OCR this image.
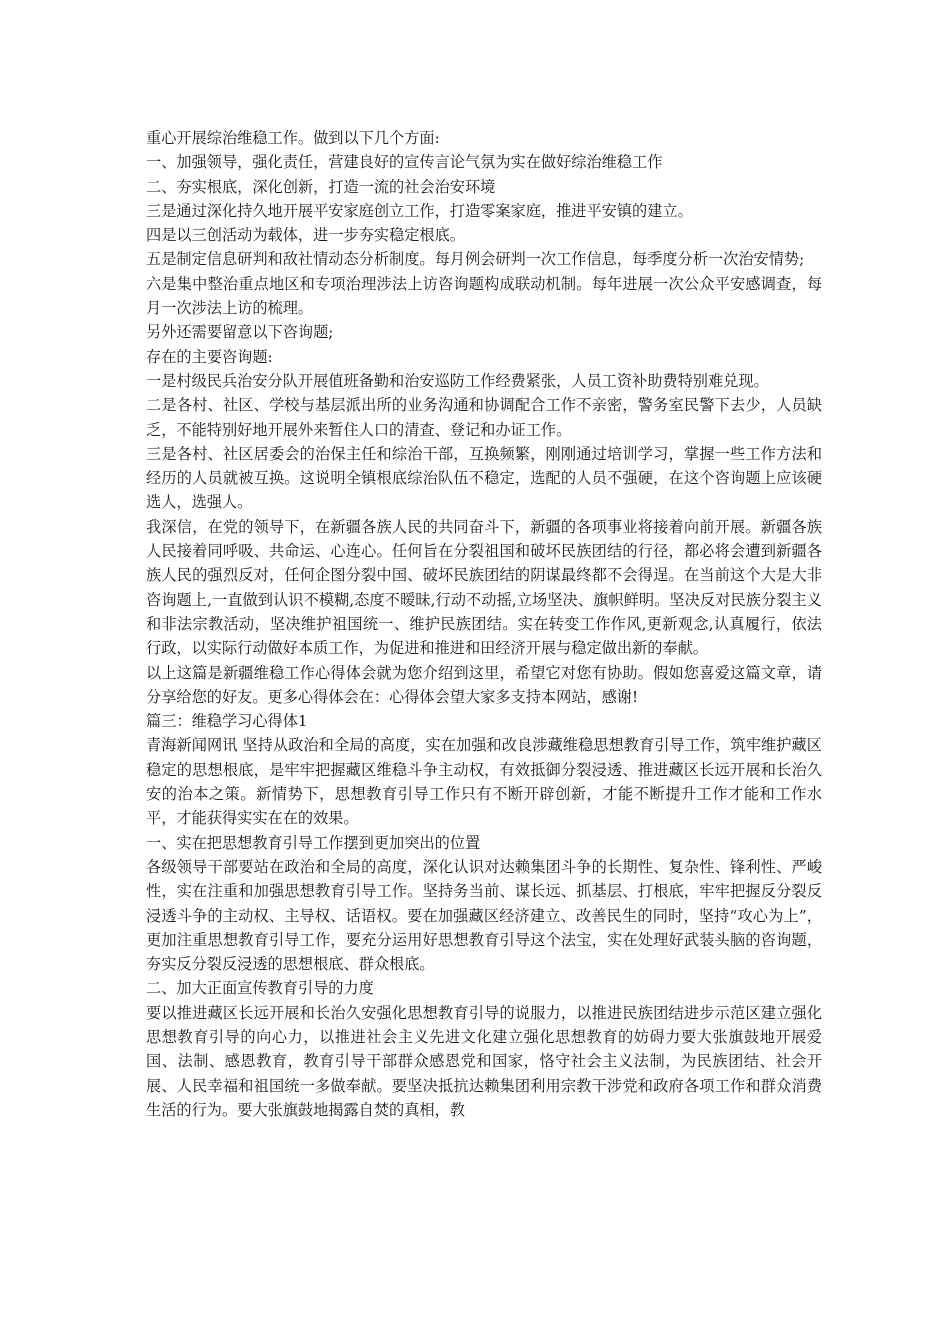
重心开展综治维稳工作。做到以下几个方面:

一、加强领导，强化责任，营建良好的宣传言论气氛为实在做好综治维稳工作

二、夯实根底，深化创新，打造一流的社会治安环境

三是通过深化持久地开展平安家庭创立工作，打造零案家庭，推进平安镇的建立。

四是以三创活动为载体，进一步夯实稳定根底。

五是制定信息研判和敌社情动态分析制度。每月例会研判一次工作信息，每季度分析一次治安情势;

六是集中整治重点地区和专项治理涉法上访咨询题构成联动机制。每年进展一次公众平安感调查，每月一次涉法上访的梳理。

另外还需要留意以下咨询题;

存在的主要咨询题:

一是村级民兵治安分队开展值班备勤和治安巡防工作经费紧张，人员工资补助费特别难兑现。

二是各村、社区、学校与基层派出所的业务沟通和协调配合工作不亲密，警务室民警下去少，人员缺乏，不能特别好地开展外来暂住人口的清查、登记和办证工作。

三是各村、社区居委会的治保主任和综治干部，互换频繁，刚刚通过培训学习，掌握一些工作方法和经历的人员就被互换。这说明全镇根底综治队伍不稳定，选配的人员不强硬，在这个咨询题上应该硬选人，选强人。

我深信，在党的领导下，在新疆各族人民的共同奋斗下，新疆的各项事业将接着向前开展。新疆各族人民接着同呼吸、共命运、心连心。任何旨在分裂祖国和破坏民族团结的行径，都必将会遭到新疆各族人民的强烈反对，任何企图分裂中国、破坏民族团结的阴谋最终都不会得逞。在当前这个大是大非咨询题上,一直做到认识不模糊,态度不暧昧,行动不动摇,立场坚决、旗帜鲜明。坚决反对民族分裂主义和非法宗教活动，坚决维护祖国统一、维护民族团结。实在转变工作作风,更新观念,认真履行，依法行政，以实际行动做好本质工作，为促进和推进和田经济开展与稳定做出新的奉献。

以上这篇是新疆维稳工作心得体会就为您介绍到这里，希望它对您有协助。假如您喜爱这篇文章，请分享给您的好友。更多心得体会在：心得体会望大家多支持本网站，感谢!

篇三：维稳学习心得体1

青海新闻网讯 坚持从政治和全局的高度，实在加强和改良涉藏维稳思想教育引导工作，筑牢维护藏区稳定的思想根底，是牢牢把握藏区维稳斗争主动权，有效抵御分裂浸透、推进藏区长远开展和长治久安的治本之策。新情势下，思想教育引导工作只有不断开辟创新，才能不断提升工作才能和工作水平，才能获得实实在在的效果。

一、实在把思想教育引导工作摆到更加突出的位置

各级领导干部要站在政治和全局的高度，深化认识对达赖集团斗争的长期性、复杂性、锋利性、严峻性，实在注重和加强思想教育引导工作。坚持务当前、谋长远、抓基层、打根底，牢牢把握反分裂反浸透斗争的主动权、主导权、话语权。要在加强藏区经济建立、改善民生的同时，坚持“攻心为上”，更加注重思想教育引导工作，要充分运用好思想教育引导这个法宝，实在处理好武装头脑的咨询题，夯实反分裂反浸透的思想根底、群众根底。

二、加大正面宣传教育引导的力度

要以推进藏区长远开展和长治久安强化思想教育引导的说服力，以推进民族团结进步示范区建立强化思想教育引导的向心力，以推进社会主义先进文化建立强化思想教育的妨碍力要大张旗鼓地开展爱国、法制、感恩教育，教育引导干部群众感恩党和国家，恪守社会主义法制，为民族团结、社会开展、人民幸福和祖国统一多做奉献。要坚决抵抗达赖集团利用宗教干涉党和政府各项工作和群众消费生活的行为。要大张旗鼓地揭露自焚的真相，教
